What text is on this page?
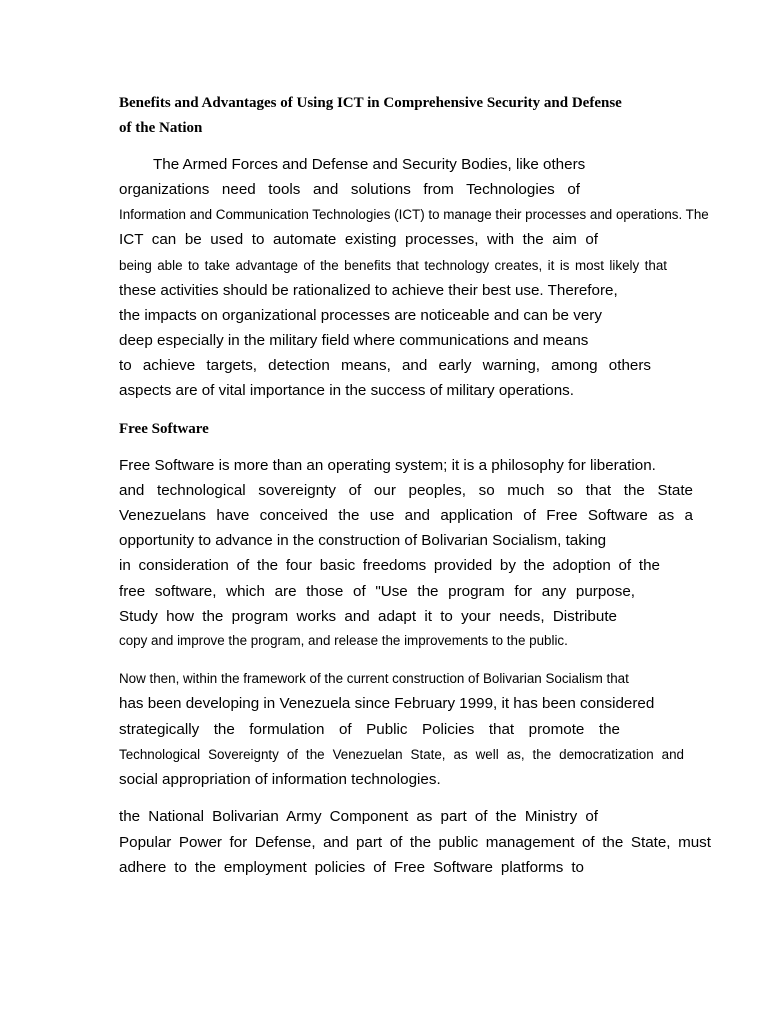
Benefits and Advantages of Using ICT in Comprehensive Security and Defense
of the Nation
The Armed Forces and Defense and Security Bodies, like others
organizations need tools and solutions from Technologies of
Information and Communication Technologies (ICT) to manage their processes and operations. The
ICT can be used to automate existing processes, with the aim of
being able to take advantage of the benefits that technology creates, it is most likely that
these activities should be rationalized to achieve their best use. Therefore,
the impacts on organizational processes are noticeable and can be very
deep especially in the military field where communications and means
to achieve targets, detection means, and early warning, among others
aspects are of vital importance in the success of military operations.
Free Software
Free Software is more than an operating system; it is a philosophy for liberation.
and technological sovereignty of our peoples, so much so that the State
Venezuelans have conceived the use and application of Free Software as a
opportunity to advance in the construction of Bolivarian Socialism, taking
in consideration of the four basic freedoms provided by the adoption of the
free software, which are those of "Use the program for any purpose,
Study how the program works and adapt it to your needs, Distribute
copy and improve the program, and release the improvements to the public.
Now then, within the framework of the current construction of Bolivarian Socialism that
has been developing in Venezuela since February 1999, it has been considered
strategically the formulation of Public Policies that promote the
Technological Sovereignty of the Venezuelan State, as well as, the democratization and
social appropriation of information technologies.
the National Bolivarian Army Component as part of the Ministry of
Popular Power for Defense, and part of the public management of the State, must
adhere to the employment policies of Free Software platforms to
